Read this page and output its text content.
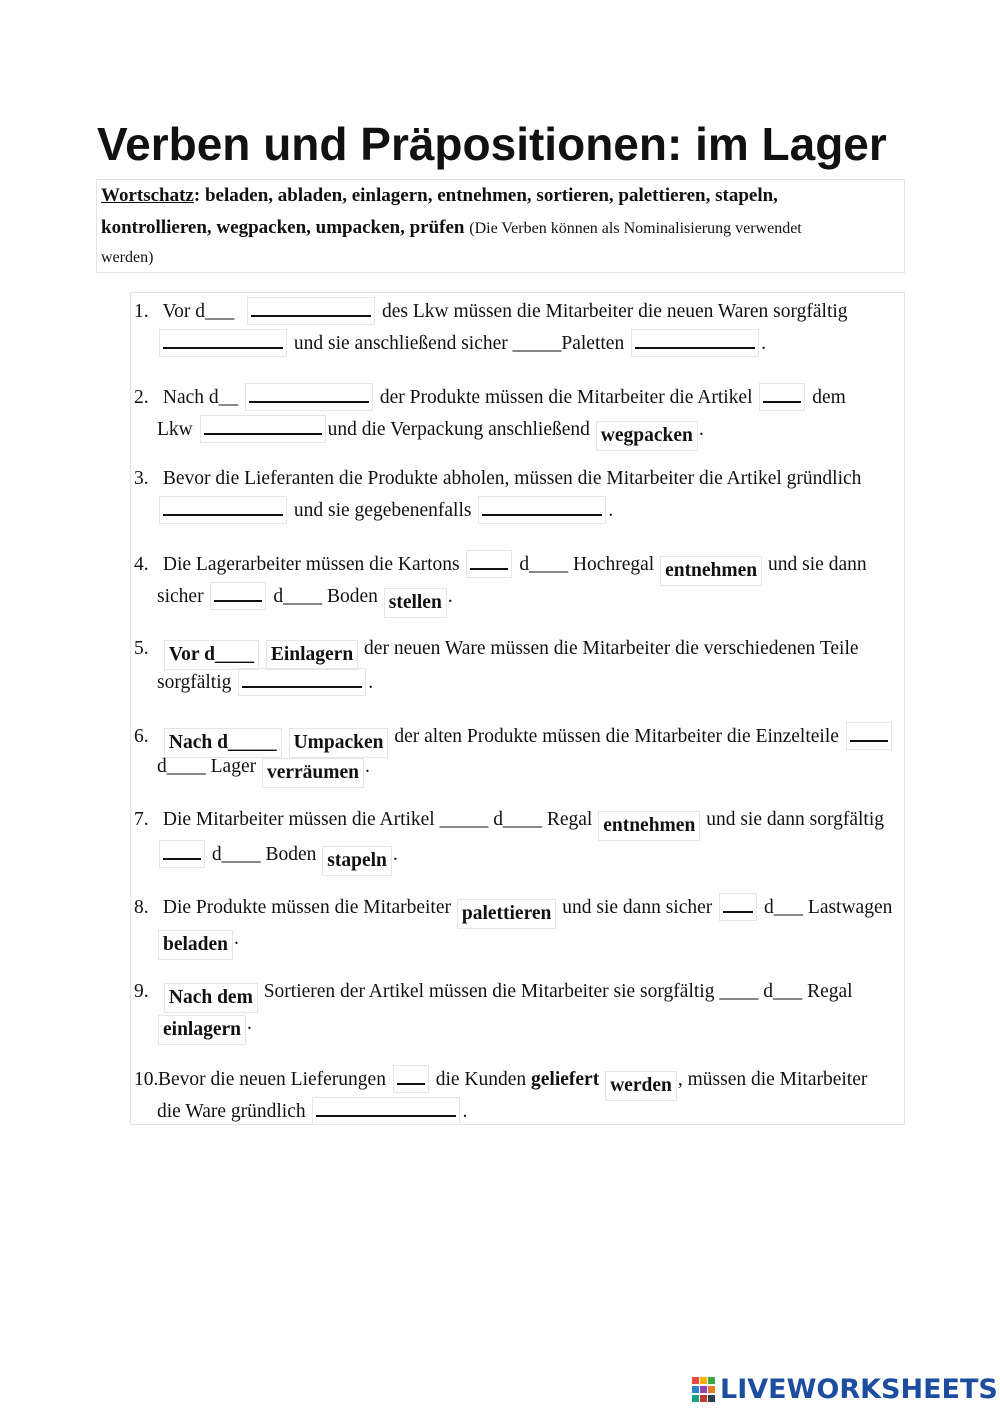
Verben und Präpositionen: im Lager
Wortschatz: beladen, abladen, einlagern, entnehmen, sortieren, palettieren, stapeln,
kontrollieren, wegpacken, umpacken, prüfen (Die Verben können als Nominalisierung verwendet
werden)
1. Vor d___	des Lkw müssen die Mitarbeiter die neuen Waren sorgfältig
und sie anschließend sicher _____Paletten	.
2. Nach d__	der Produkte müssen die Mitarbeiter die Artikel	dem
Lkw	und die Verpackung anschließend wegpacken .
3. Bevor die Lieferanten die Produkte abholen, müssen die Mitarbeiter die Artikel gründlich
und sie gegebenenfalls	.
4. Die Lagerarbeiter müssen die Kartons	d____ Hochregal entnehmen und sie dann
sicher	d____ Boden stellen .
5. Vor d____ Einlagern der neuen Ware müssen die Mitarbeiter die verschiedenen Teile
sorgfältig	.
6. Nach d_____ Umpacken der alten Produkte müssen die Mitarbeiter die Einzelteile
d____ Lager verräumen .
7. Die Mitarbeiter müssen die Artikel _____ d____ Regal entnehmen und sie dann sorgfältig
d____ Boden stapeln .
8. Die Produkte müssen die Mitarbeiter palettieren und sie dann sicher	d___ Lastwagen
beladen .
9. Nach dem Sortieren der Artikel müssen die Mitarbeiter sie sorgfältig ____ d___ Regal
einlagern .
10.Bevor die neuen Lieferungen	die Kunden geliefert werden , müssen die Mitarbeiter
die Ware gründlich	.
LIVEWORKSHEETS
